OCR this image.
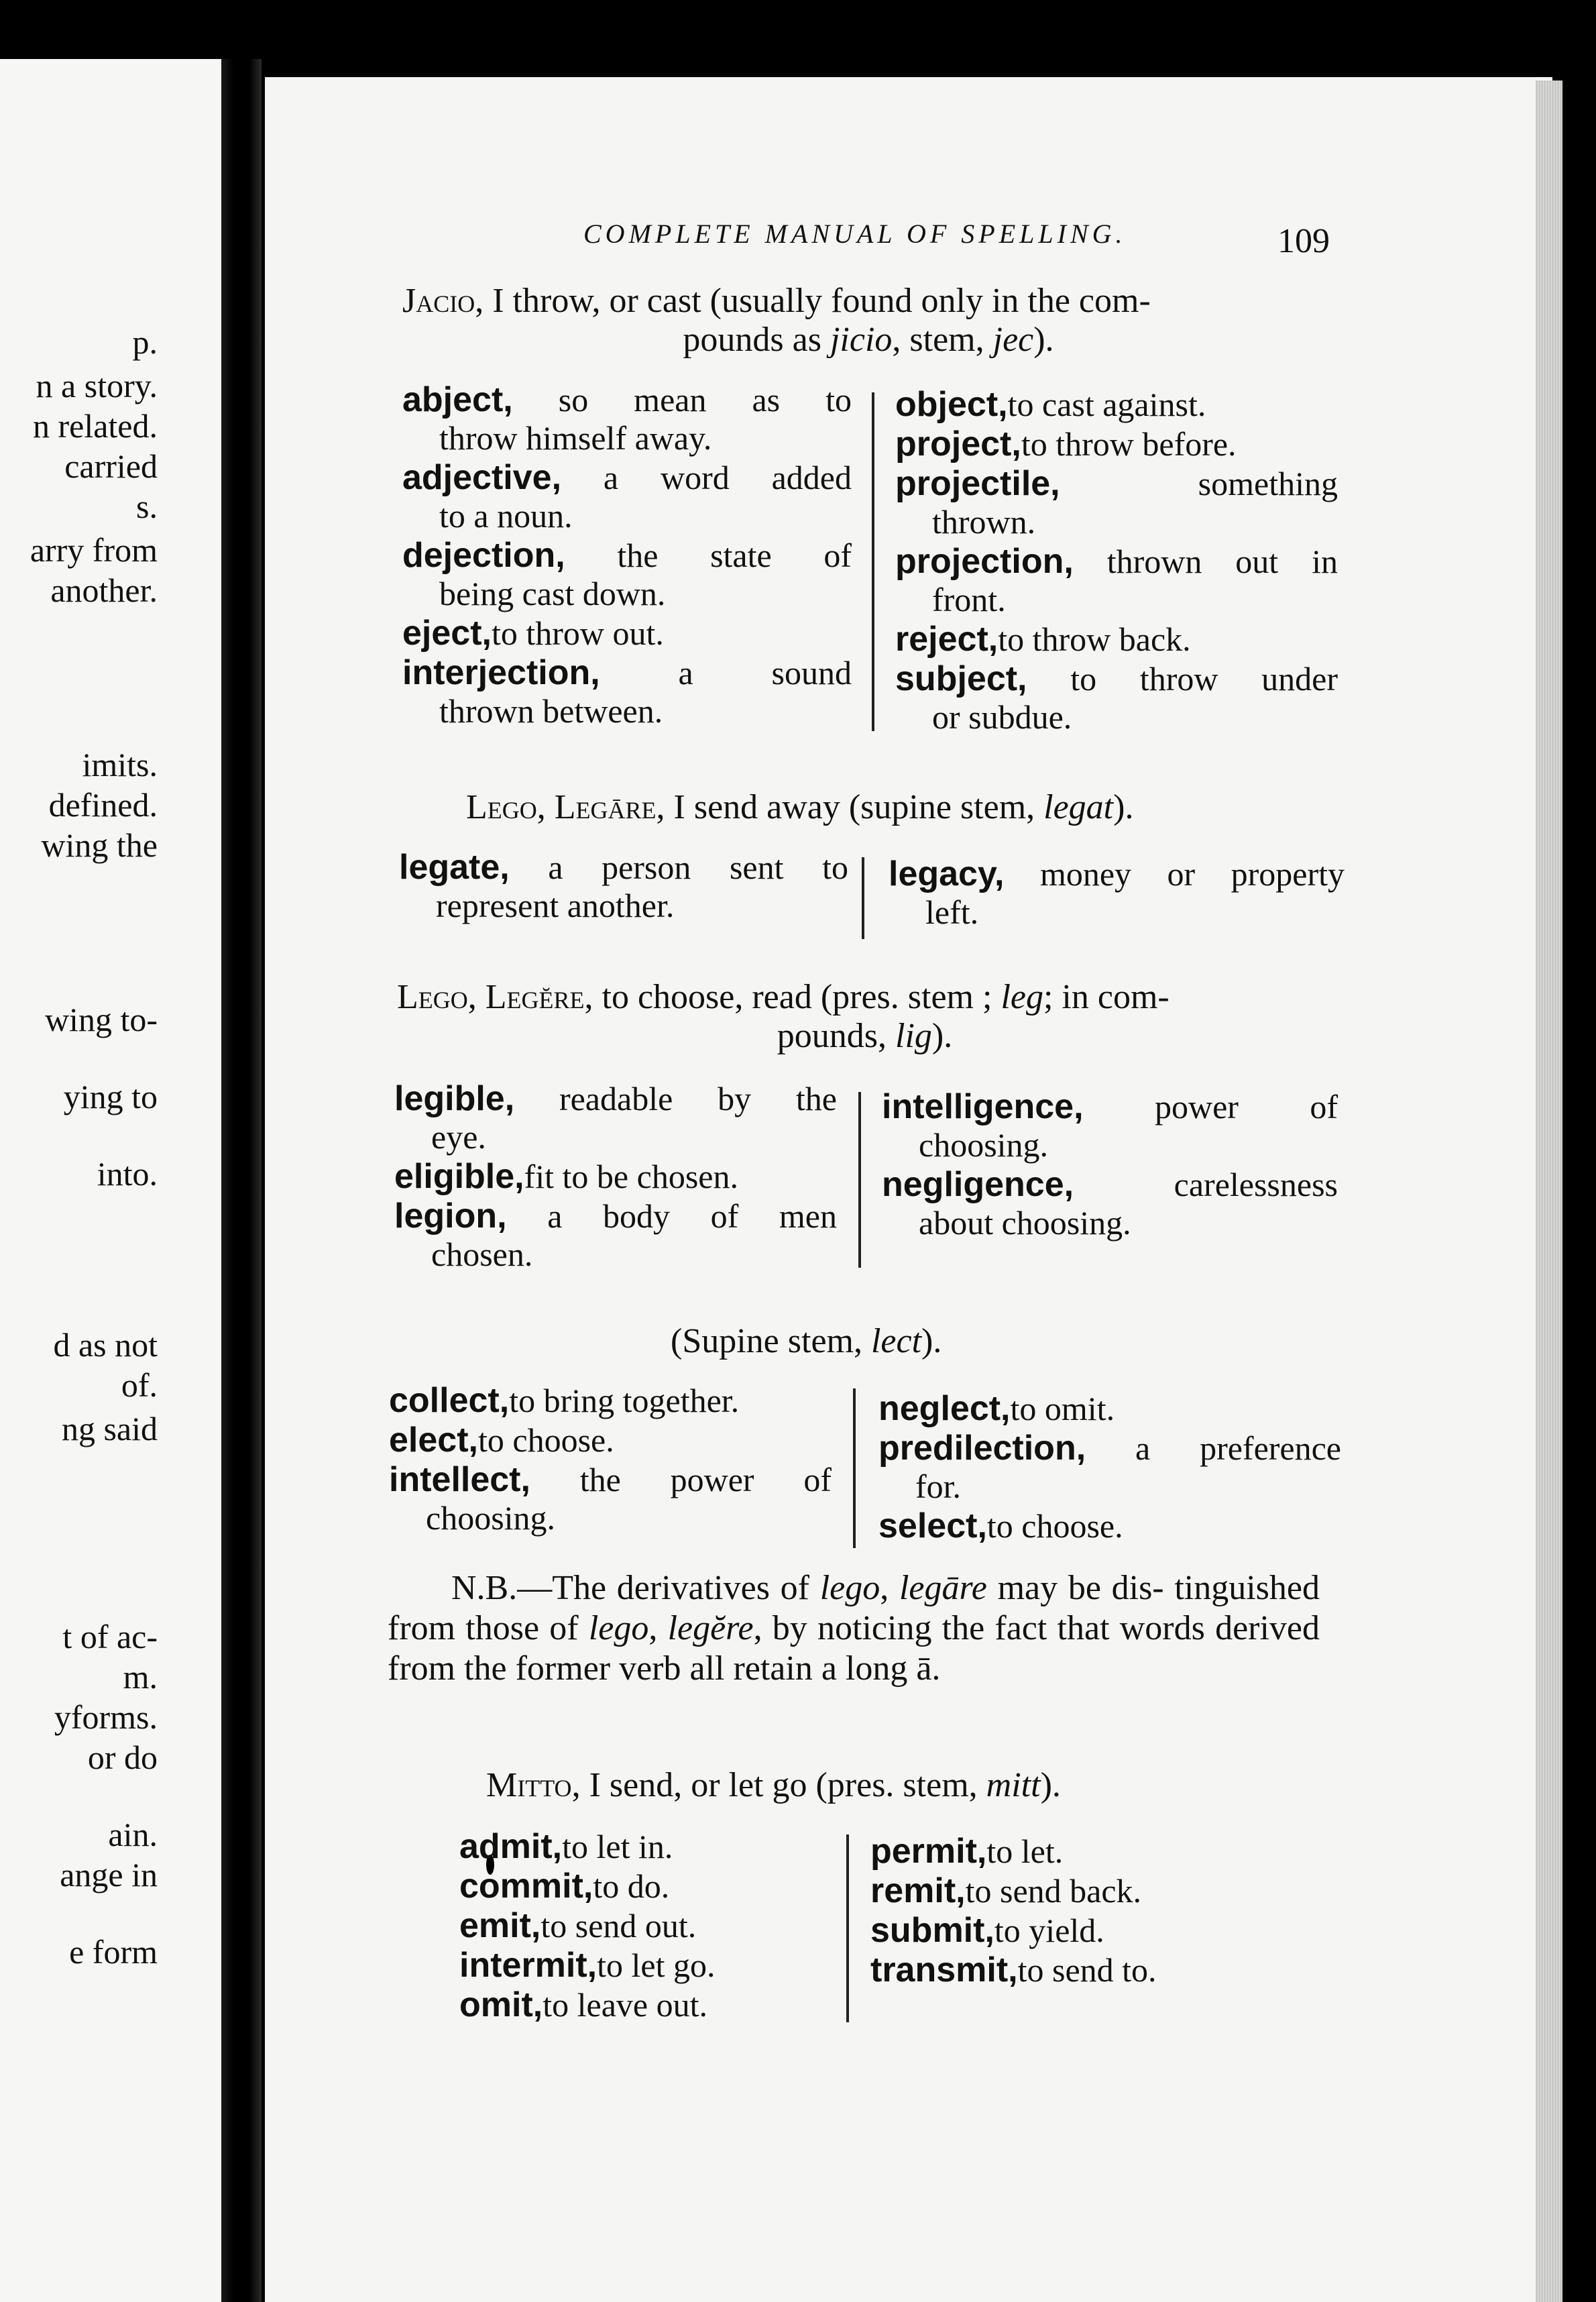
p.
n a story.
n related.
carried
s.
arry from
another.
imits.
defined.
wing the
wing to-
ying to
into.
d as not
of.
ng said
t of ac-
m.
yforms.
or do
ain.
ange in
e form
COMPLETE MANUAL OF SPELLING.	109
Jacio, I throw, or cast (usually found only in the com-
pounds as jicio, stem, jec).
abject, so mean as to
throw himself away.
adjective, a word added
to a noun.
dejection, the state of
being cast down.
eject, to throw out.
interjection, a sound
thrown between.
object, to cast against.
project, to throw before.
projectile, something
thrown.
projection, thrown out in
front.
reject, to throw back.
subject, to throw under
or subdue.
Lego, Legāre, I send away (supine stem, legat).
legate, a person sent to
represent another.
legacy, money or property
left.
Lego, Legĕre, to choose, read (pres. stem ; leg; in com-
pounds, lig).
legible, readable by the
eye.
eligible, fit to be chosen.
legion, a body of men
chosen.
intelligence, power of
choosing.
negligence, carelessness
about choosing.
(Supine stem, lect).
collect, to bring together.
elect, to choose.
intellect, the power of
choosing.
neglect, to omit.
predilection, a preference
for.
select, to choose.
N.B.—The derivatives of lego, legāre may be dis- tinguished from those of lego, legĕre, by noticing the fact that words derived from the former verb all retain a long ā.
Mitto, I send, or let go (pres. stem, mitt).
admit, to let in.
commit, to do.
emit, to send out.
intermit, to let go.
omit, to leave out.
permit, to let.
remit, to send back.
submit, to yield.
transmit, to send to.
